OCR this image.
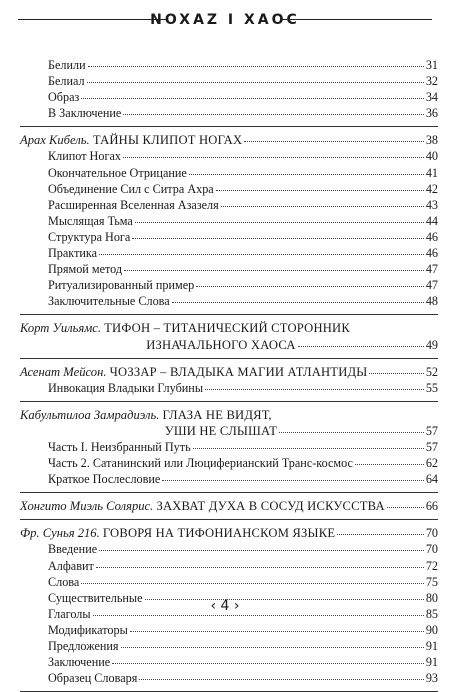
NOXAZ I XAOC
Белили	31
Белиал	32
Образ	34
В Заключение	36
Арах Кибель. ТАЙНЫ КЛИПОТ НОГАХ	38
Клипот Ногах	40
Окончательное Отрицание	41
Объединение Сил с Ситра Ахра	42
Расширенная Вселенная Азазеля	43
Мыслящая Тьма	44
Структура Нога	46
Практика	46
Прямой метод	47
Ритуализированный пример	47
Заключительные Слова	48
Корт Уильямс. ТИФОН – ТИТАНИЧЕСКИЙ СТОРОННИК
ИЗНАЧАЛЬНОГО ХАОСА	49
Асенат Мейсон. ЧОЗЗАР – ВЛАДЫКА МАГИИ АТЛАНТИДЫ	52
Инвокация Владыки Глубины	55
Кабультилоа Замрадиэль. ГЛАЗА НЕ ВИДЯТ,
УШИ НЕ СЛЫШАТ	57
Часть I. Неизбранный Путь	57
Часть 2. Сатанинский или Люциферианский Транс-космос	62
Краткое Послесловие	64
Хонгито Миэль Солярис. ЗАХВАТ ДУХА В СОСУД ИСКУССТВА	66
Фр. Сунья 216. ГОВОРЯ НА ТИФОНИАНСКОМ ЯЗЫКЕ	70
Введение	70
Алфавит	72
Слова	75
Существительные	80
Глаголы	85
Модификаторы	90
Предложения	91
Заключение	91
Образец Словаря	93
‹ 4 ›
